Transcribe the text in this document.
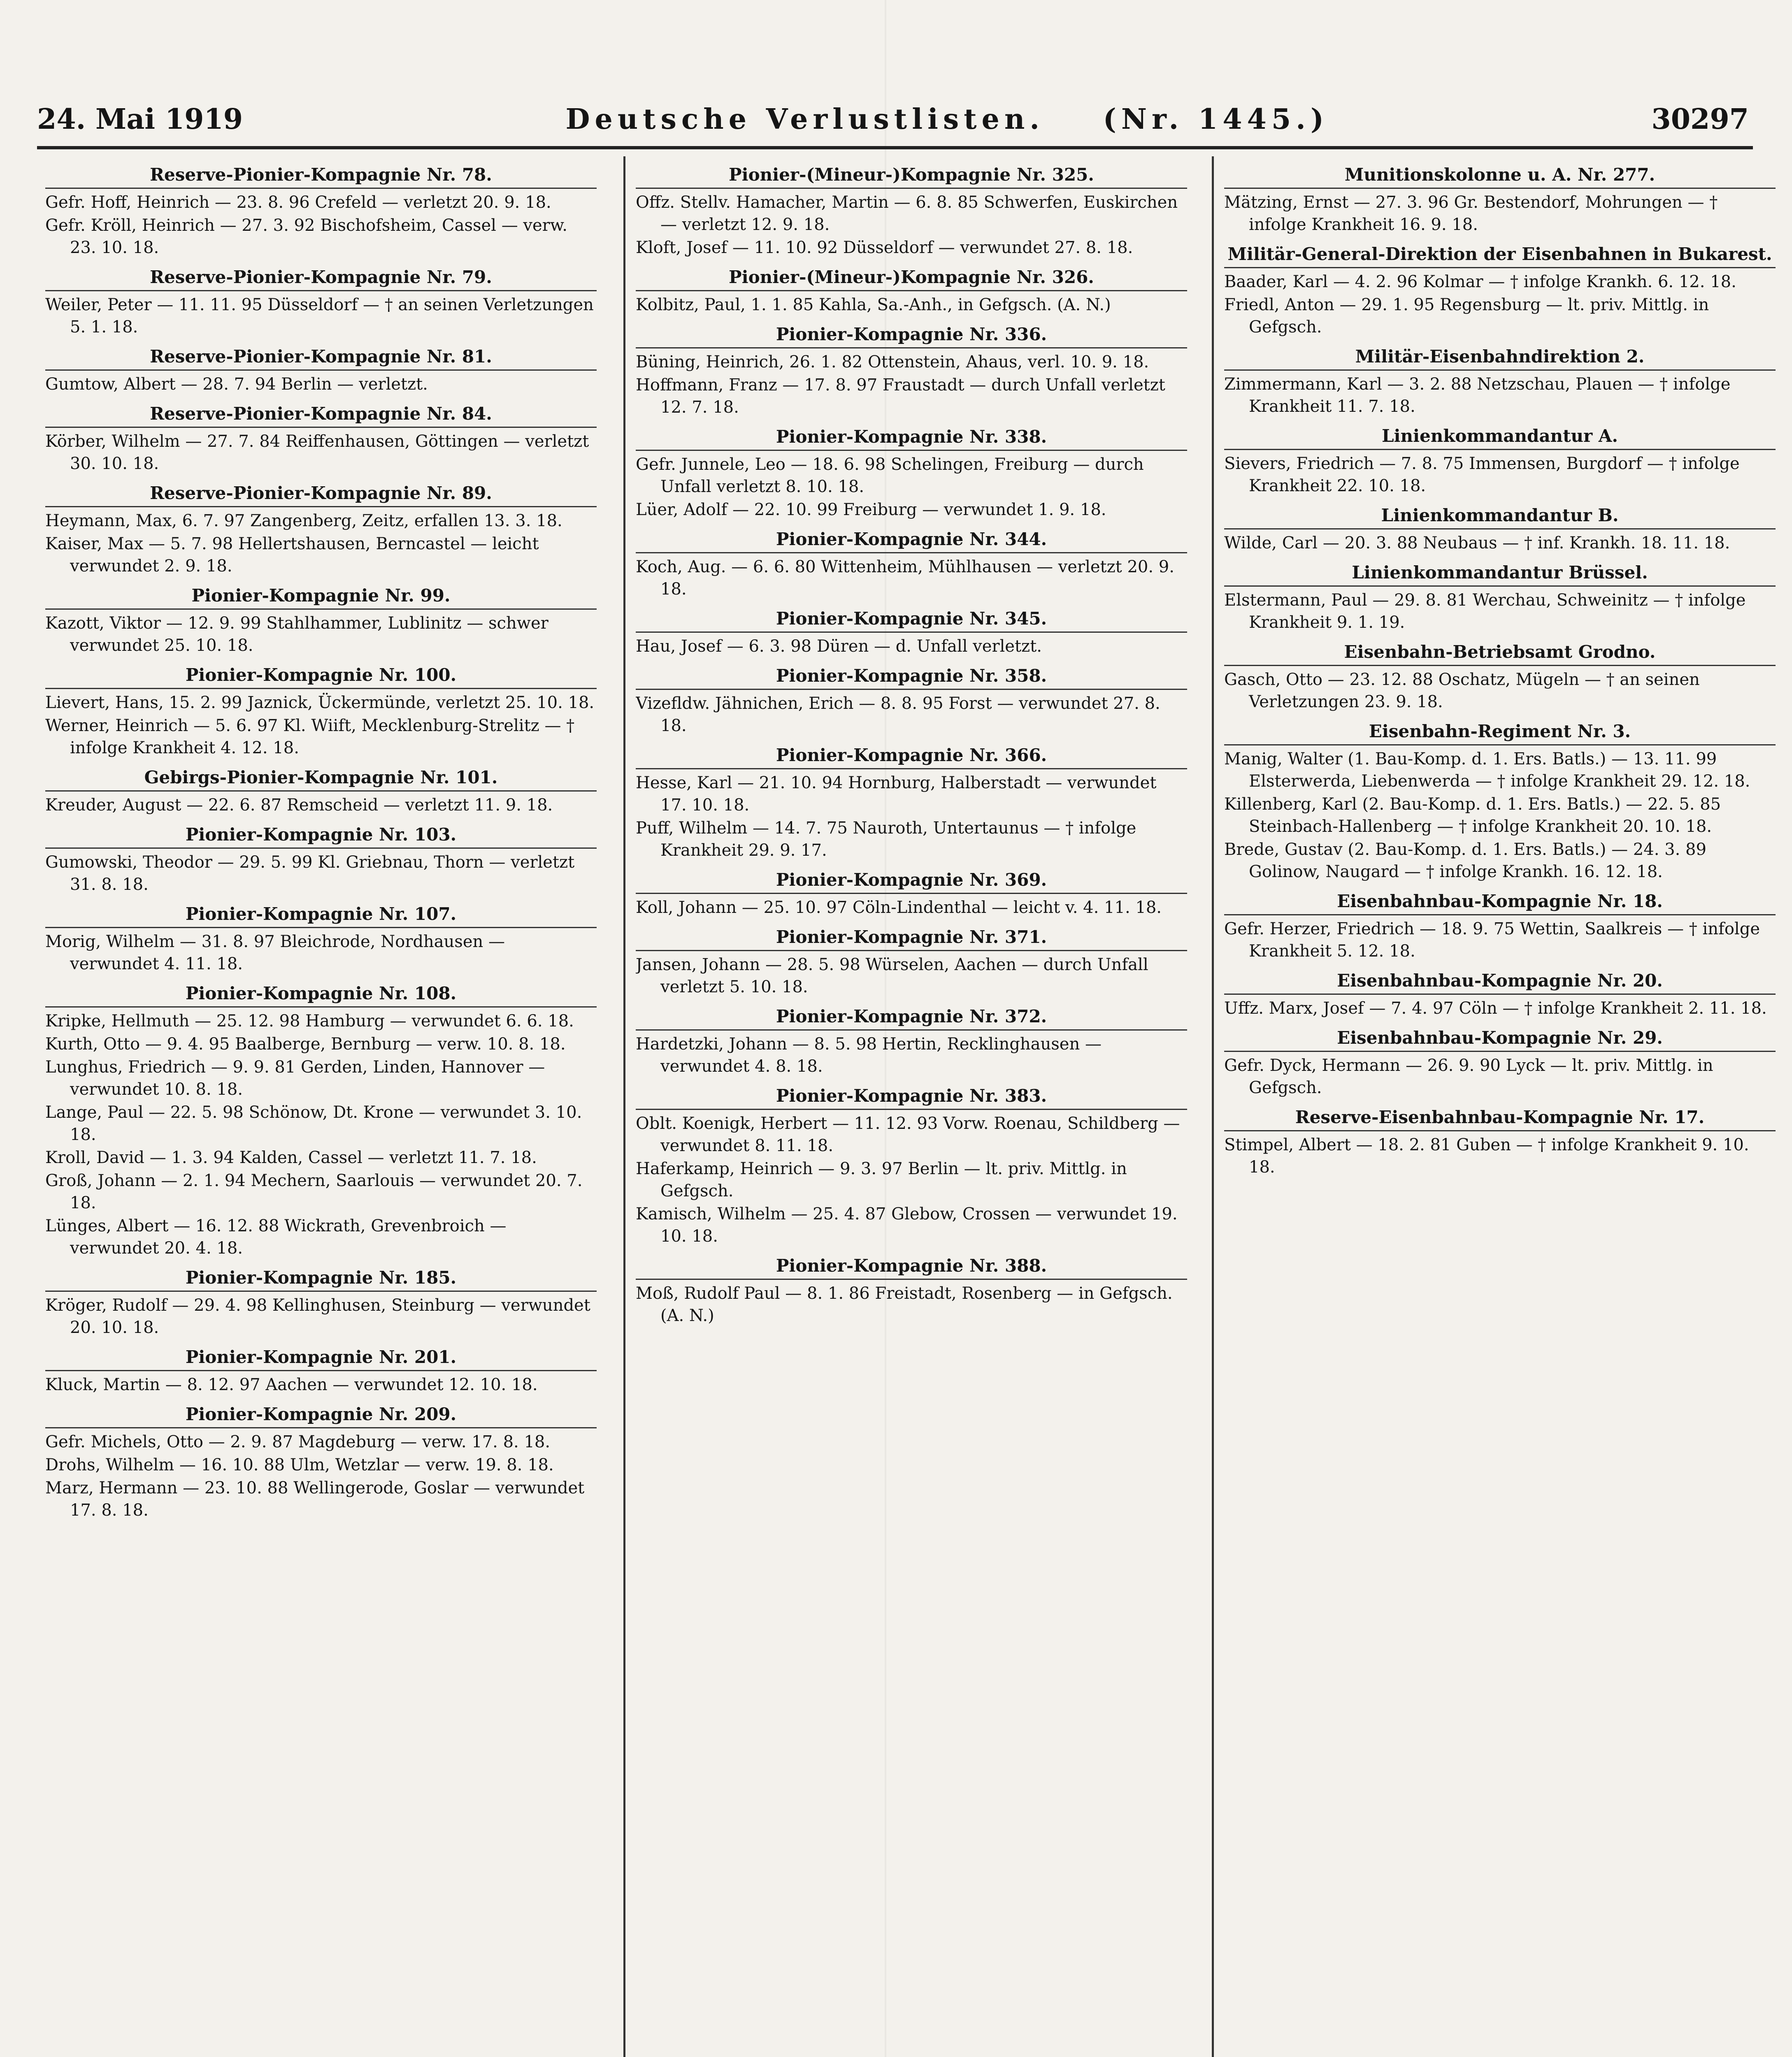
24. Mai 1919	Deutsche Verlustlisten. (Nr. 1445.)	30297
Reserve-Pionier-Kompagnie Nr. 78.
Gefr. Hoff, Heinrich — 23. 8. 96 Crefeld — verletzt 20. 9. 18.
Gefr. Kröll, Heinrich — 27. 3. 92 Bischofsheim, Cassel — verw. 23. 10. 18.
Reserve-Pionier-Kompagnie Nr. 79.
Weiler, Peter — 11. 11. 95 Düsseldorf — † an seinen Verletzungen 5. 1. 18.
Reserve-Pionier-Kompagnie Nr. 81.
Gumtow, Albert — 28. 7. 94 Berlin — verletzt.
Reserve-Pionier-Kompagnie Nr. 84.
Körber, Wilhelm — 27. 7. 84 Reiffenhausen, Göttingen — verletzt 30. 10. 18.
Reserve-Pionier-Kompagnie Nr. 89.
Heymann, Max, 6. 7. 97 Zangenberg, Zeitz, erfallen 13. 3. 18.
Kaiser, Max — 5. 7. 98 Hellertshausen, Berncastel — leicht verwundet 2. 9. 18.
Pionier-Kompagnie Nr. 99.
Kazott, Viktor — 12. 9. 99 Stahlhammer, Lublinitz — schwer verwundet 25. 10. 18.
Pionier-Kompagnie Nr. 100.
Lievert, Hans, 15. 2. 99 Jaznick, Ückermünde, verletzt 25. 10. 18.
Werner, Heinrich — 5. 6. 97 Kl. Wiift, Mecklenburg-Strelitz — † infolge Krankheit 4. 12. 18.
Gebirgs-Pionier-Kompagnie Nr. 101.
Kreuder, August — 22. 6. 87 Remscheid — verletzt 11. 9. 18.
Pionier-Kompagnie Nr. 103.
Gumowski, Theodor — 29. 5. 99 Kl. Griebnau, Thorn — verletzt 31. 8. 18.
Pionier-Kompagnie Nr. 107.
Morig, Wilhelm — 31. 8. 97 Bleichrode, Nordhausen — verwundet 4. 11. 18.
Pionier-Kompagnie Nr. 108.
Kripke, Hellmuth — 25. 12. 98 Hamburg — verwundet 6. 6. 18.
Kurth, Otto — 9. 4. 95 Baalberge, Bernburg — verw. 10. 8. 18.
Lunghus, Friedrich — 9. 9. 81 Gerden, Linden, Hannover — verwundet 10. 8. 18.
Lange, Paul — 22. 5. 98 Schönow, Dt. Krone — verwundet 3. 10. 18.
Kroll, David — 1. 3. 94 Kalden, Cassel — verletzt 11. 7. 18.
Groß, Johann — 2. 1. 94 Mechern, Saarlouis — verwundet 20. 7. 18.
Lünges, Albert — 16. 12. 88 Wickrath, Grevenbroich — verwundet 20. 4. 18.
Pionier-Kompagnie Nr. 185.
Kröger, Rudolf — 29. 4. 98 Kellinghusen, Steinburg — verwundet 20. 10. 18.
Pionier-Kompagnie Nr. 201.
Kluck, Martin — 8. 12. 97 Aachen — verwundet 12. 10. 18.
Pionier-Kompagnie Nr. 209.
Gefr. Michels, Otto — 2. 9. 87 Magdeburg — verw. 17. 8. 18.
Drohs, Wilhelm — 16. 10. 88 Ulm, Wetzlar — verw. 19. 8. 18.
Marz, Hermann — 23. 10. 88 Wellingerode, Goslar — verwundet 17. 8. 18.
Pionier-(Mineur-)Kompagnie Nr. 325.
Offz. Stellv. Hamacher, Martin — 6. 8. 85 Schwerfen, Euskirchen — verletzt 12. 9. 18.
Kloft, Josef — 11. 10. 92 Düsseldorf — verwundet 27. 8. 18.
Pionier-(Mineur-)Kompagnie Nr. 326.
Kolbitz, Paul, 1. 1. 85 Kahla, Sa.-Anh., in Gefgsch. (A. N.)
Pionier-Kompagnie Nr. 336.
Büning, Heinrich, 26. 1. 82 Ottenstein, Ahaus, verl. 10. 9. 18.
Hoffmann, Franz — 17. 8. 97 Fraustadt — durch Unfall verletzt 12. 7. 18.
Pionier-Kompagnie Nr. 338.
Gefr. Junnele, Leo — 18. 6. 98 Schelingen, Freiburg — durch Unfall verletzt 8. 10. 18.
Lüer, Adolf — 22. 10. 99 Freiburg — verwundet 1. 9. 18.
Pionier-Kompagnie Nr. 344.
Koch, Aug. — 6. 6. 80 Wittenheim, Mühlhausen — verletzt 20. 9. 18.
Pionier-Kompagnie Nr. 345.
Hau, Josef — 6. 3. 98 Düren — d. Unfall verletzt.
Pionier-Kompagnie Nr. 358.
Vizefldw. Jähnichen, Erich — 8. 8. 95 Forst — verwundet 27. 8. 18.
Pionier-Kompagnie Nr. 366.
Hesse, Karl — 21. 10. 94 Hornburg, Halberstadt — verwundet 17. 10. 18.
Puff, Wilhelm — 14. 7. 75 Nauroth, Untertaunus — † infolge Krankheit 29. 9. 17.
Pionier-Kompagnie Nr. 369.
Koll, Johann — 25. 10. 97 Cöln-Lindenthal — leicht v. 4. 11. 18.
Pionier-Kompagnie Nr. 371.
Jansen, Johann — 28. 5. 98 Würselen, Aachen — durch Unfall verletzt 5. 10. 18.
Pionier-Kompagnie Nr. 372.
Hardetzki, Johann — 8. 5. 98 Hertin, Recklinghausen — verwundet 4. 8. 18.
Pionier-Kompagnie Nr. 383.
Oblt. Koenigk, Herbert — 11. 12. 93 Vorw. Roenau, Schildberg — verwundet 8. 11. 18.
Haferkamp, Heinrich — 9. 3. 97 Berlin — lt. priv. Mittlg. in Gefgsch.
Kamisch, Wilhelm — 25. 4. 87 Glebow, Crossen — verwundet 19. 10. 18.
Pionier-Kompagnie Nr. 388.
Moß, Rudolf Paul — 8. 1. 86 Freistadt, Rosenberg — in Gefgsch. (A. N.)
Munitionskolonne u. A. Nr. 277.
Mätzing, Ernst — 27. 3. 96 Gr. Bestendorf, Mohrungen — † infolge Krankheit 16. 9. 18.
Militär-General-Direktion der Eisenbahnen in Bukarest.
Baader, Karl — 4. 2. 96 Kolmar — † infolge Krankh. 6. 12. 18.
Friedl, Anton — 29. 1. 95 Regensburg — lt. priv. Mittlg. in Gefgsch.
Militär-Eisenbahndirektion 2.
Zimmermann, Karl — 3. 2. 88 Netzschau, Plauen — † infolge Krankheit 11. 7. 18.
Linienkommandantur A.
Sievers, Friedrich — 7. 8. 75 Immensen, Burgdorf — † infolge Krankheit 22. 10. 18.
Linienkommandantur B.
Wilde, Carl — 20. 3. 88 Neubaus — † inf. Krankh. 18. 11. 18.
Linienkommandantur Brüssel.
Elstermann, Paul — 29. 8. 81 Werchau, Schweinitz — † infolge Krankheit 9. 1. 19.
Eisenbahn-Betriebsamt Grodno.
Gasch, Otto — 23. 12. 88 Oschatz, Mügeln — † an seinen Verletzungen 23. 9. 18.
Eisenbahn-Regiment Nr. 3.
Manig, Walter (1. Bau-Komp. d. 1. Ers. Batls.) — 13. 11. 99 Elsterwerda, Liebenwerda — † infolge Krankheit 29. 12. 18.
Killenberg, Karl (2. Bau-Komp. d. 1. Ers. Batls.) — 22. 5. 85 Steinbach-Hallenberg — † infolge Krankheit 20. 10. 18.
Brede, Gustav (2. Bau-Komp. d. 1. Ers. Batls.) — 24. 3. 89 Golinow, Naugard — † infolge Krankh. 16. 12. 18.
Eisenbahnbau-Kompagnie Nr. 18.
Gefr. Herzer, Friedrich — 18. 9. 75 Wettin, Saalkreis — † infolge Krankheit 5. 12. 18.
Eisenbahnbau-Kompagnie Nr. 20.
Uffz. Marx, Josef — 7. 4. 97 Cöln — † infolge Krankheit 2. 11. 18.
Eisenbahnbau-Kompagnie Nr. 29.
Gefr. Dyck, Hermann — 26. 9. 90 Lyck — lt. priv. Mittlg. in Gefgsch.
Reserve-Eisenbahnbau-Kompagnie Nr. 17.
Stimpel, Albert — 18. 2. 81 Guben — † infolge Krankheit 9. 10. 18.
